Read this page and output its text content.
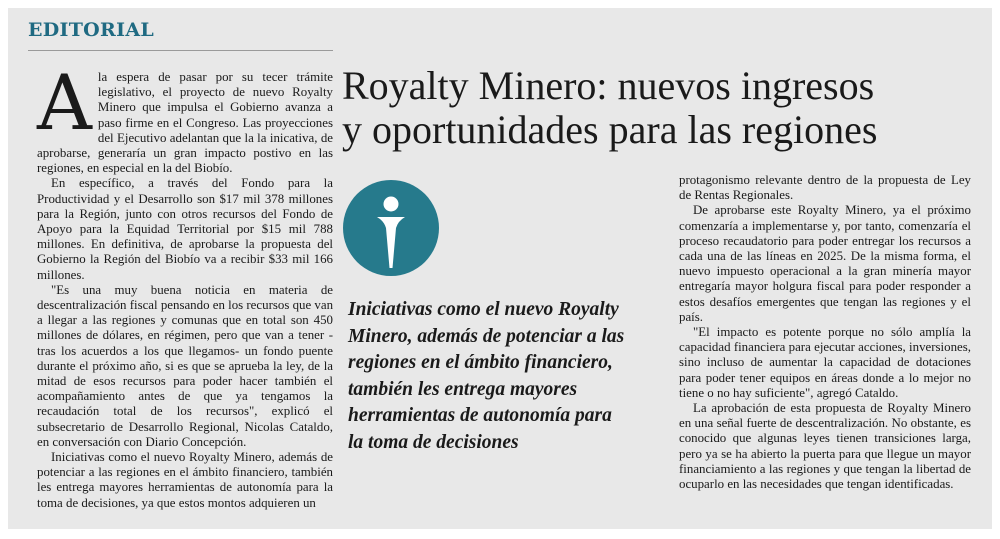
EDITORIAL
Royalty Minero: nuevos ingresos
y oportunidades para las regiones

Ala espera de pasar por su tecer trámite legislativo, el proyecto de nuevo Royalty Minero que impulsa el Gobierno avanza a paso firme en el Congreso. Las proyecciones del Ejecutivo adelantan que la la inicativa, de aprobarse, generaría un gran impacto postivo en las regiones, en especial en la del Biobío.

En específico, a través del Fondo para la Productividad y el Desarrollo son $17 mil 378 millones para la Región, junto con otros recursos del Fondo de Apoyo para la Equidad Territorial por $15 mil 788 millones. En definitiva, de aprobarse la propuesta del Gobierno la Región del Biobío va a recibir $33 mil 166 millones.

"Es una muy buena noticia en materia de descentralización fiscal pensando en los recursos que van a llegar a las regiones y comunas que en total son 450 millones de dólares, en régimen, pero que van a tener -tras los acuerdos a los que llegamos- un fondo puente durante el próximo año, si es que se aprueba la ley, de la mitad de esos recursos para poder hacer también el acompañamiento antes de que ya tengamos la recaudación total de los recursos", explicó el subsecretario de Desarrollo Regional, Nicolas Cataldo, en conversación con Diario Concepción.

Iniciativas como el nuevo Royalty Minero, además de potenciar a las regiones en el ámbito financiero, también les entrega mayores herramientas de autonomía para la toma de decisiones, ya que estos montos adquieren un

Iniciativas como el nuevo Royalty
Minero, además de potenciar a las
regiones en el ámbito financiero,
también les entrega mayores
herramientas de autonomía para
la toma de decisiones

protagonismo relevante dentro de la propuesta de Ley de Rentas Regionales.

De aprobarse este Royalty Minero, ya el próximo comenzaría a implementarse y, por tanto, comenzaría el proceso recaudatorio para poder entregar los recursos a cada una de las líneas en 2025. De la misma forma, el nuevo impuesto operacional a la gran minería mayor entregaría mayor holgura fiscal para poder responder a estos desafíos emergentes que tengan las regiones y el país.

"El impacto es potente porque no sólo amplía la capacidad financiera para ejecutar acciones, inversiones, sino incluso de aumentar la capacidad de dotaciones para poder tener equipos en áreas donde a lo mejor no tiene o no hay suficiente", agregó Cataldo.

La aprobación de esta propuesta de Royalty Minero en una señal fuerte de descentralización. No obstante, es conocido que algunas leyes tienen transiciones larga, pero ya se ha abierto la puerta para que llegue un mayor financiamiento a las regiones y que tengan la libertad de ocuparlo en las necesidades que tengan identificadas.
